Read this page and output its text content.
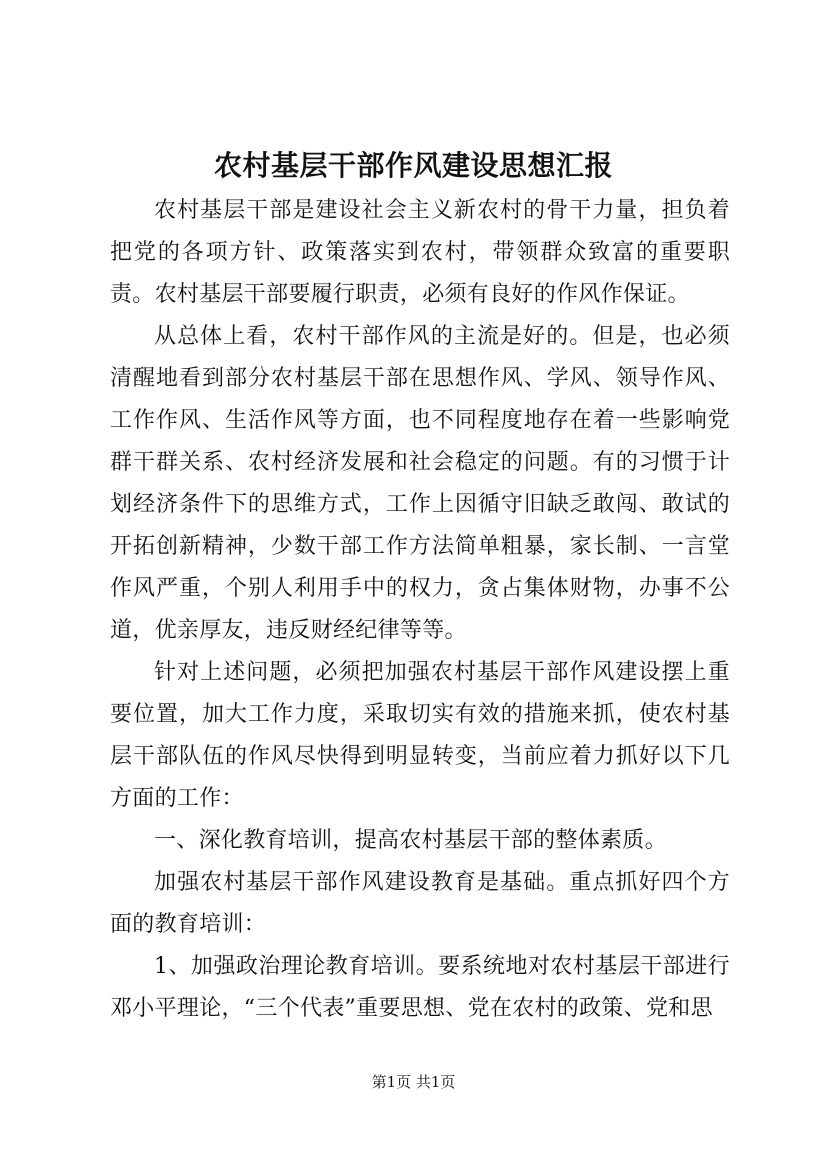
农村基层干部作风建设思想汇报

农村基层干部是建设社会主义新农村的骨干力量，担负着把党的各项方针、政策落实到农村，带领群众致富的重要职责。农村基层干部要履行职责，必须有良好的作风作保证。

从总体上看，农村干部作风的主流是好的。但是，也必须清醒地看到部分农村基层干部在思想作风、学风、领导作风、工作作风、生活作风等方面，也不同程度地存在着一些影响党群干群关系、农村经济发展和社会稳定的问题。有的习惯于计划经济条件下的思维方式，工作上因循守旧缺乏敢闯、敢试的开拓创新精神，少数干部工作方法简单粗暴，家长制、一言堂作风严重，个别人利用手中的权力，贪占集体财物，办事不公道，优亲厚友，违反财经纪律等等。

针对上述问题，必须把加强农村基层干部作风建设摆上重要位置，加大工作力度，采取切实有效的措施来抓，使农村基层干部队伍的作风尽快得到明显转变，当前应着力抓好以下几方面的工作：

一、深化教育培训，提高农村基层干部的整体素质。

加强农村基层干部作风建设教育是基础。重点抓好四个方面的教育培训：

1、加强政治理论教育培训。要系统地对农村基层干部进行邓小平理论，“三个代表”重要思想、党在农村的政策、党和思

第1页 共1页
